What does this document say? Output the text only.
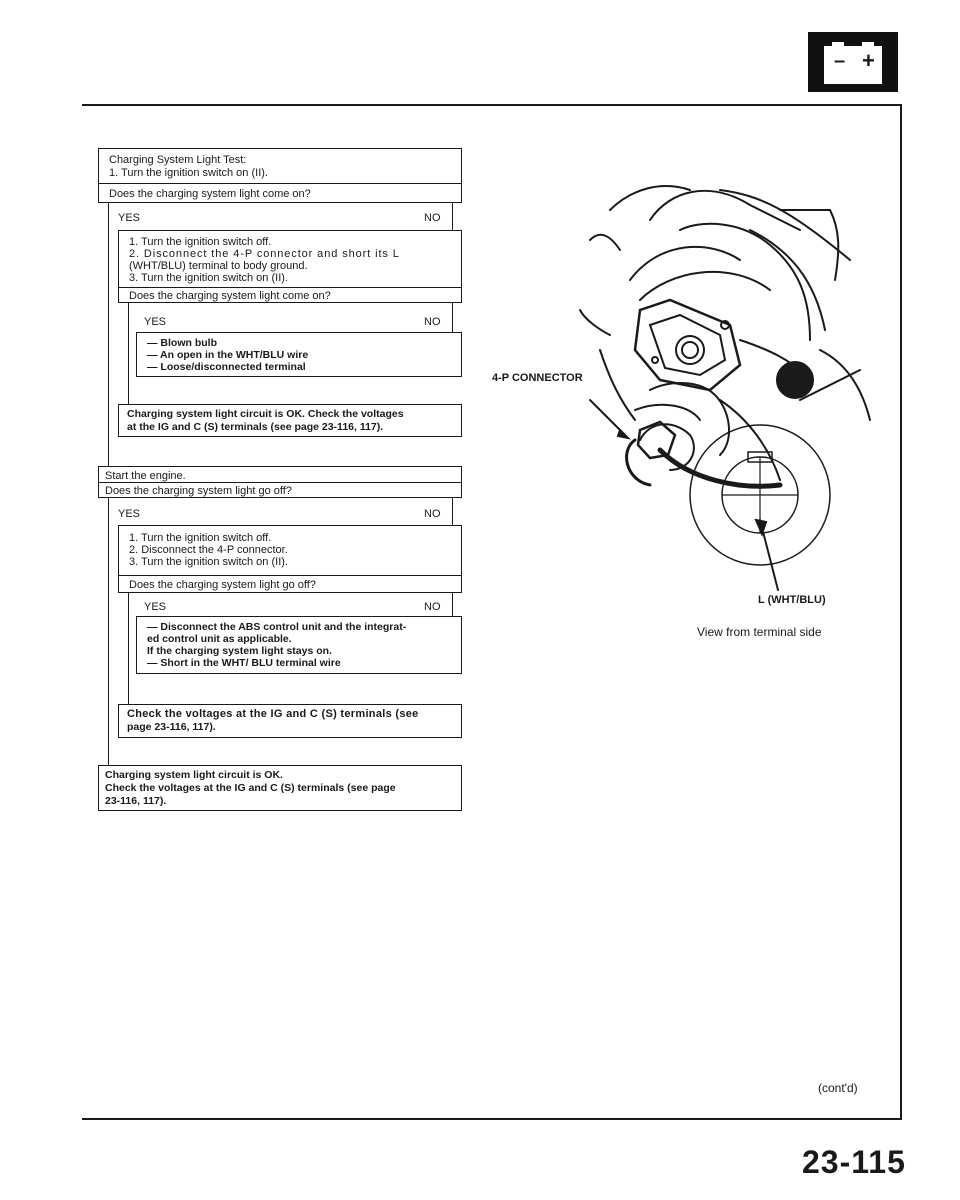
– +
Charging System Light Test:
1. Turn the ignition switch on (II).
Does the charging system light come on?
YES	NO
1. Turn the ignition switch off.
2. Disconnect the 4-P connector and short its L
(WHT/BLU) terminal to body ground.
3. Turn the ignition switch on (II).
Does the charging system light come on?
YES	NO
— Blown bulb
— An open in the WHT/BLU wire
— Loose/disconnected terminal
Charging system light circuit is OK. Check the voltages
at the IG and C (S) terminals (see page 23-116, 117).
Start the engine.
Does the charging system light go off?
YES	NO
1. Turn the ignition switch off.
2. Disconnect the 4-P connector.
3. Turn the ignition switch on (II).
Does the charging system light go off?
YES	NO
— Disconnect the ABS control unit and the integrat-
ed control unit as applicable.
If the charging system light stays on.
— Short in the WHT/ BLU terminal wire
Check the voltages at the IG and C (S) terminals (see
page 23-116, 117).
Charging system light circuit is OK.
Check the voltages at the IG and C (S) terminals (see page
23-116, 117).
4-P CONNECTOR
L (WHT/BLU)
View from terminal side
(cont'd)
23-115
